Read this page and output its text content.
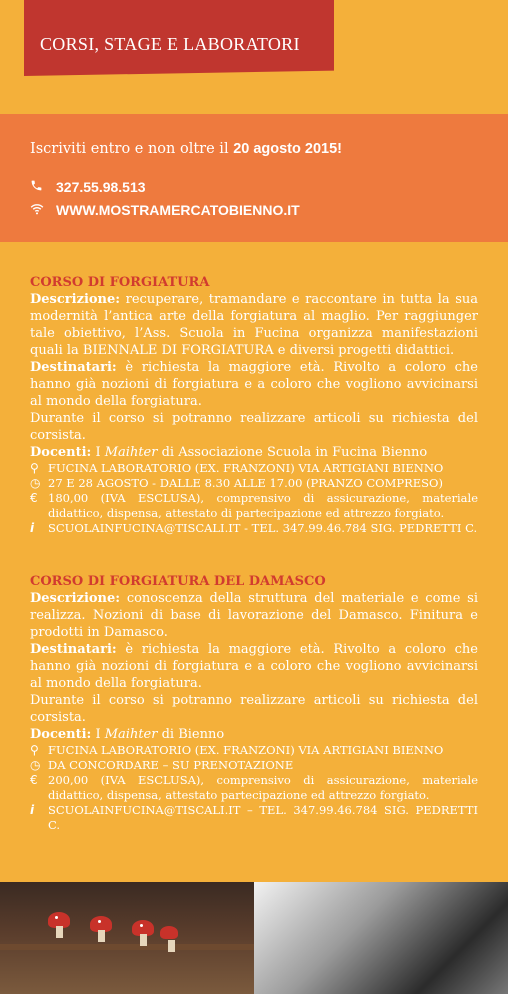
CORSI, STAGE E LABORATORI
Iscriviti entro e non oltre il 20 agosto 2015!
327.55.98.513
WWW.MOSTRAMERCATOBIENNO.IT
CORSO DI FORGIATURA

Descrizione: recuperare, tramandare e raccontare in tutta la sua modernità l’antica arte della forgiatura al maglio. Per raggiunger tale obiettivo, l’Ass. Scuola in Fucina organizza manifestazioni quali la BIENNALE DI FORGIATURA e diversi progetti didattici.

Destinatari: è richiesta la maggiore età. Rivolto a coloro che hanno già nozioni di forgiatura e a coloro che vogliono avvicinarsi al mondo della forgiatura.

Durante il corso si potranno realizzare articoli su richiesta del corsista.

Docenti: I Maihter di Associazione Scuola in Fucina Bienno

⚲ FUCINA LABORATORIO (EX. FRANZONI) VIA ARTIGIANI BIENNO
◷ 27 E 28 AGOSTO - DALLE 8.30 ALLE 17.00 (PRANZO COMPRESO)
€ 180,00 (IVA ESCLUSA), comprensivo di assicurazione, materiale didattico, dispensa, attestato di partecipazione ed attrezzo forgiato.
i	SCUOLAINFUCINA@TISCALI.IT - TEL. 347.99.46.784 SIG. PEDRETTI C.
CORSO DI FORGIATURA DEL DAMASCO

Descrizione: conoscenza della struttura del materiale e come si realizza. Nozioni di base di lavorazione del Damasco. Finitura e prodotti in Damasco.

Destinatari: è richiesta la maggiore età. Rivolto a coloro che hanno già nozioni di forgiatura e a coloro che vogliono avvicinarsi al mondo della forgiatura.

Durante il corso si potranno realizzare articoli su richiesta del corsista.

Docenti: I Maihter di Bienno

⚲ FUCINA LABORATORIO (EX. FRANZONI) VIA ARTIGIANI BIENNO
◷ DA CONCORDARE – SU PRENOTAZIONE
€ 200,00 (IVA ESCLUSA), comprensivo di assicurazione, materiale didattico, dispensa, attestato partecipazione ed attrezzo forgiato.
i	SCUOLAINFUCINA@TISCALI.IT – TEL. 347.99.46.784 SIG. PEDRETTI C.
